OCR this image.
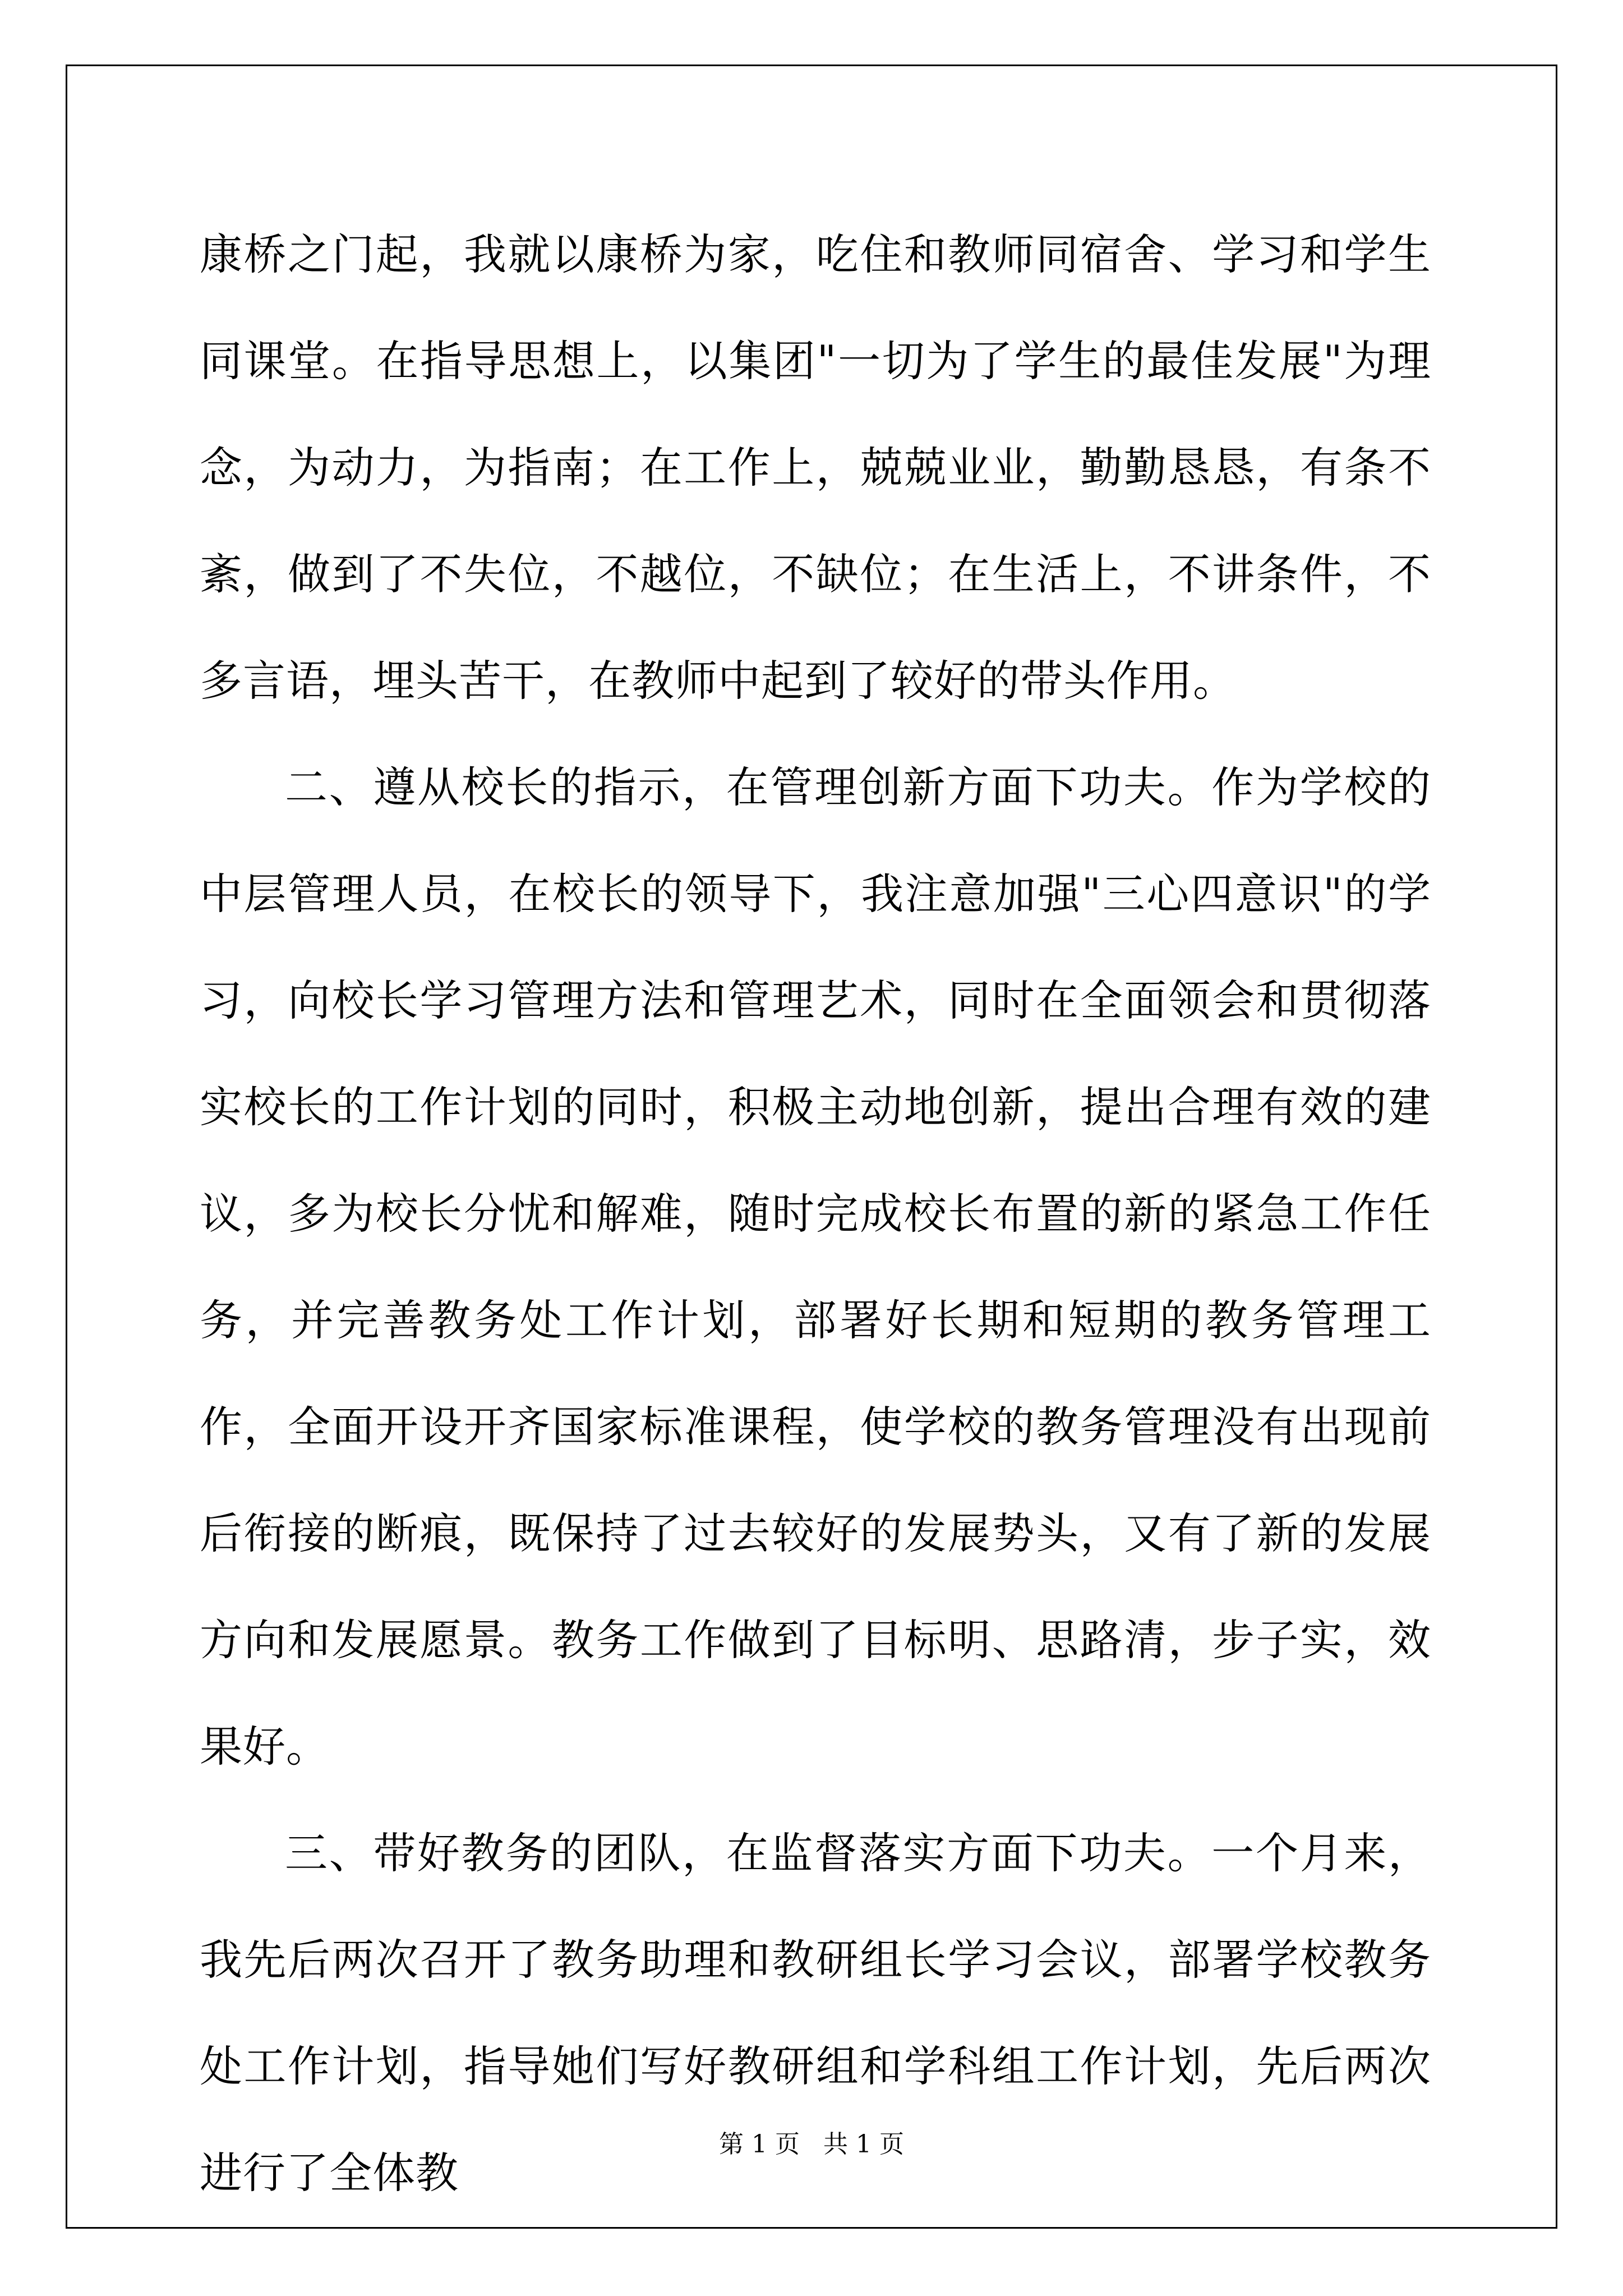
康桥之门起，我就以康桥为家，吃住和教师同宿舍、学习和学生同课堂。在指导思想上，以集团"一切为了学生的最佳发展"为理念，为动力，为指南；在工作上，兢兢业业，勤勤恳恳，有条不紊，做到了不失位，不越位，不缺位；在生活上，不讲条件，不多言语，埋头苦干，在教师中起到了较好的带头作用。

二、遵从校长的指示，在管理创新方面下功夫。作为学校的中层管理人员，在校长的领导下，我注意加强"三心四意识"的学习，向校长学习管理方法和管理艺术，同时在全面领会和贯彻落实校长的工作计划的同时，积极主动地创新，提出合理有效的建议，多为校长分忧和解难，随时完成校长布置的新的紧急工作任务，并完善教务处工作计划，部署好长期和短期的教务管理工作，全面开设开齐国家标准课程，使学校的教务管理没有出现前后衔接的断痕，既保持了过去较好的发展势头，又有了新的发展方向和发展愿景。教务工作做到了目标明、思路清，步子实，效果好。

三、带好教务的团队，在监督落实方面下功夫。一个月来，我先后两次召开了教务助理和教研组长学习会议，部署学校教务处工作计划，指导她们写好教研组和学科组工作计划，先后两次进行了全体教

第 1 页   共 1 页
